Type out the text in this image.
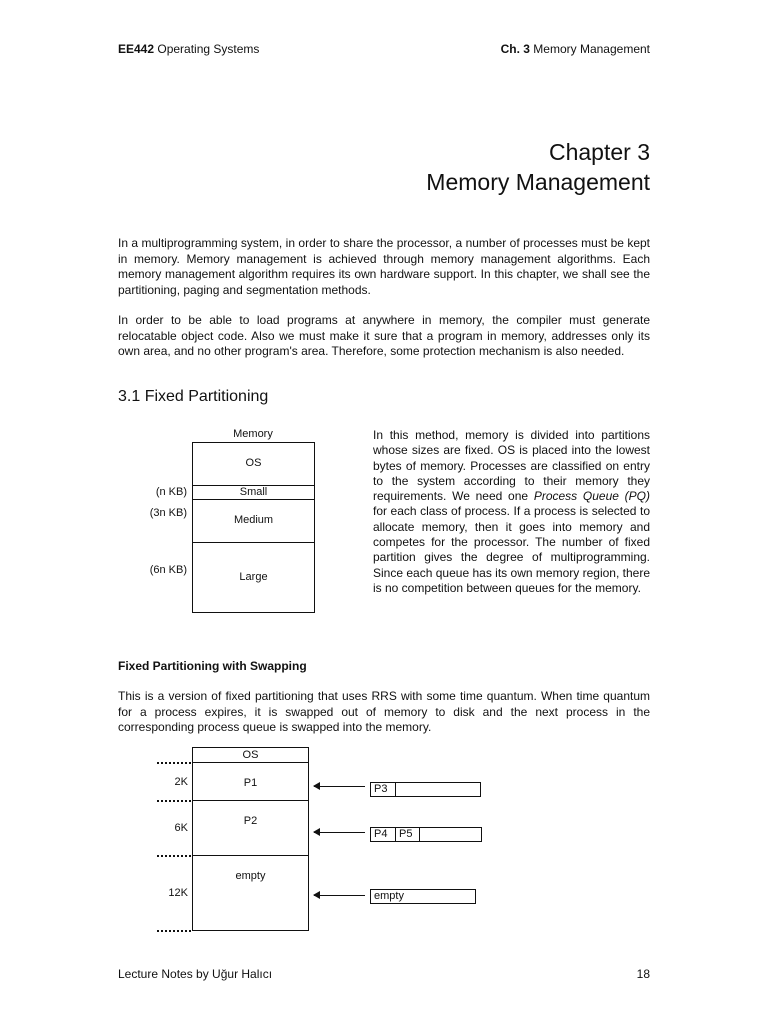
EE442 Operating Systems	Ch. 3 Memory Management
Chapter 3
Memory Management
In a multiprogramming system, in order to share the processor, a number of processes must be kept in memory. Memory management is achieved through memory management algorithms. Each memory management algorithm requires its own hardware support. In this chapter, we shall see the partitioning, paging and segmentation methods.
In order to be able to load programs at anywhere in memory, the compiler must generate relocatable object code. Also we must make it sure that a program in memory, addresses only its own area, and no other program's area. Therefore, some protection mechanism is also needed.
3.1 Fixed Partitioning
Memory
OS
Small
Medium
Large
(n KB)
(3n KB)
(6n KB)
In this method, memory is divided into partitions whose sizes are fixed. OS is placed into the lowest bytes of memory. Processes are classified on entry to the system according to their memory they requirements. We need one Process Queue (PQ) for each class of process. If a process is selected to allocate memory, then it goes into memory and competes for the processor. The number of fixed partition gives the degree of multiprogramming. Since each queue has its own memory region, there is no competition between queues for the memory.
Fixed Partitioning with Swapping
This is a version of fixed partitioning that uses RRS with some time quantum. When time quantum for a process expires, it is swapped out of memory to disk and the next process in the corresponding process queue is swapped into the memory.
OS
P1
P2
empty
2K
6K
12K
P3
P4	P5
empty
Lecture Notes by Uğur Halıcı	18
